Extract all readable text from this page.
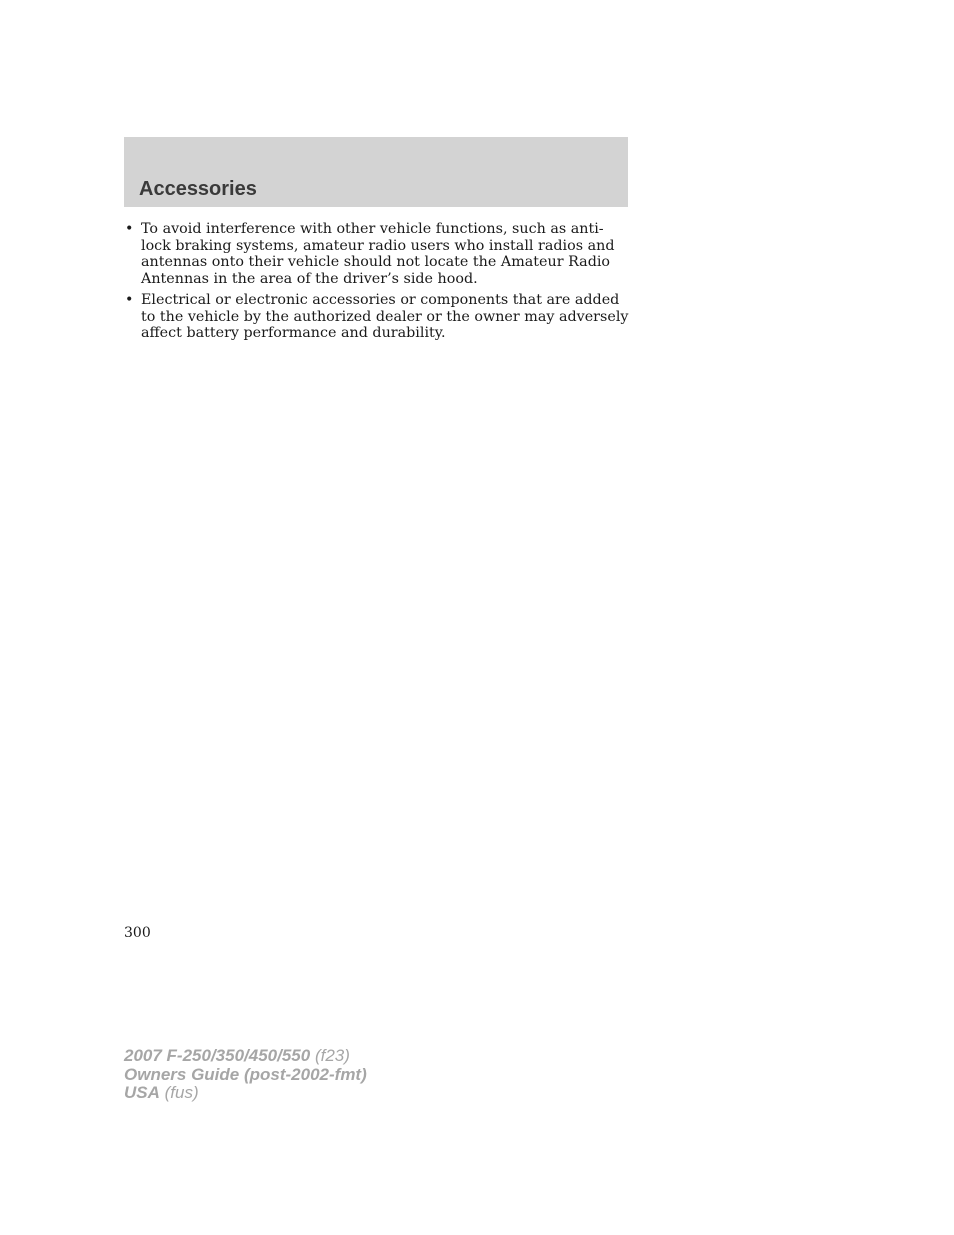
Accessories
• To avoid interference with other vehicle functions, such as anti-lock braking systems, amateur radio users who install radios and antennas onto their vehicle should not locate the Amateur Radio Antennas in the area of the driver’s side hood.
• Electrical or electronic accessories or components that are added to the vehicle by the authorized dealer or the owner may adversely affect battery performance and durability.
300
2007 F-250/350/450/550 (f23)
Owners Guide (post-2002-fmt)
USA (fus)
